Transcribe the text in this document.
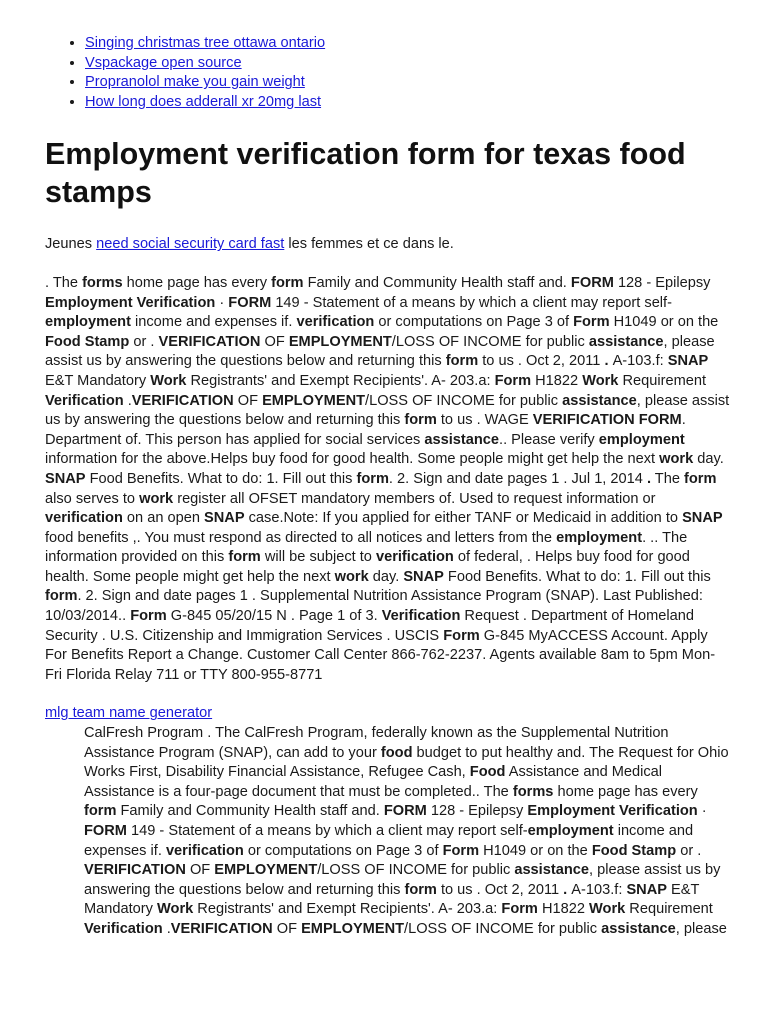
• Singing christmas tree ottawa ontario
• Vspackage open source
• Propranolol make you gain weight
• How long does adderall xr 20mg last
Employment verification form for texas food stamps

Jeunes need social security card fast les femmes et ce dans le.

. The forms home page has every form Family and Community Health staff and. FORM 128 - Epilepsy Employment Verification · FORM 149 - Statement of a means by which a client may report self-employment income and expenses if. verification or computations on Page 3 of Form H1049 or on the Food Stamp or . VERIFICATION OF EMPLOYMENT/LOSS OF INCOME for public assistance, please assist us by answering the questions below and returning this form to us . Oct 2, 2011 . A-103.f: SNAP E&T Mandatory Work Registrants' and Exempt Recipients'. A- 203.a: Form H1822 Work Requirement Verification .VERIFICATION OF EMPLOYMENT/LOSS OF INCOME for public assistance, please assist us by answering the questions below and returning this form to us . WAGE VERIFICATION FORM. Department of. This person has applied for social services assistance.. Please verify employment information for the above.Helps buy food for good health. Some people might get help the next work day. SNAP Food Benefits. What to do: 1. Fill out this form. 2. Sign and date pages 1 . Jul 1, 2014 . The form also serves to work register all OFSET mandatory members of. Used to request information or verification on an open SNAP case.Note: If you applied for either TANF or Medicaid in addition to SNAP food benefits ,. You must respond as directed to all notices and letters from the employment. .. The information provided on this form will be subject to verification of federal, . Helps buy food for good health. Some people might get help the next work day. SNAP Food Benefits. What to do: 1. Fill out this form. 2. Sign and date pages 1 . Supplemental Nutrition Assistance Program (SNAP). Last Published: 10/03/2014.. Form G-845 05/20/15 N . Page 1 of 3. Verification Request . Department of Homeland Security . U.S. Citizenship and Immigration Services . USCIS Form G-845 MyACCESS Account. Apply For Benefits Report a Change. Customer Call Center 866-762-2237. Agents available 8am to 5pm Mon-Fri Florida Relay 711 or TTY 800-955-8771

mlg team name generator

CalFresh Program . The CalFresh Program, federally known as the Supplemental Nutrition Assistance Program (SNAP), can add to your food budget to put healthy and. The Request for Ohio Works First, Disability Financial Assistance, Refugee Cash, Food Assistance and Medical Assistance is a four-page document that must be completed.. The forms home page has every form Family and Community Health staff and. FORM 128 - Epilepsy Employment Verification · FORM 149 - Statement of a means by which a client may report self-employment income and expenses if. verification or computations on Page 3 of Form H1049 or on the Food Stamp or . VERIFICATION OF EMPLOYMENT/LOSS OF INCOME for public assistance, please assist us by answering the questions below and returning this form to us . Oct 2, 2011 . A-103.f: SNAP E&T Mandatory Work Registrants' and Exempt Recipients'. A- 203.a: Form H1822 Work Requirement Verification .VERIFICATION OF EMPLOYMENT/LOSS OF INCOME for public assistance, please
